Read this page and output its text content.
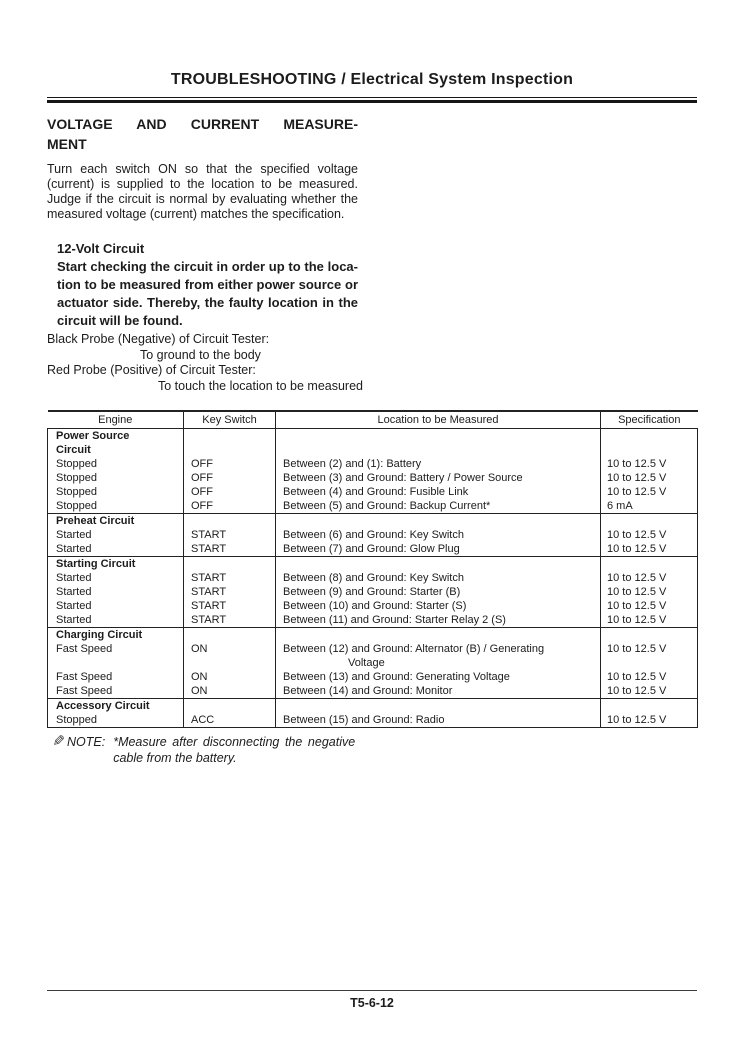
TROUBLESHOOTING / Electrical System Inspection
VOLTAGE AND CURRENT MEASURE-
MENT
Turn each switch ON so that the specified voltage
(current) is supplied to the location to be measured.
Judge if the circuit is normal by evaluating whether the
measured voltage (current) matches the specification.
12-Volt Circuit
Start checking the circuit in order up to the loca-
tion to be measured from either power source or
actuator side. Thereby, the faulty location in the
circuit will be found.
Black Probe (Negative) of Circuit Tester:
To ground to the body
Red Probe (Positive) of Circuit Tester:
To touch the location to be measured
Engine	Key Switch	Location to be Measured	Specification
Power Source Circuit			
Stopped	OFF	Between (2) and (1): Battery	10 to 12.5 V
Stopped	OFF	Between (3) and Ground: Battery / Power Source	10 to 12.5 V
Stopped	OFF	Between (4) and Ground: Fusible Link	10 to 12.5 V
Stopped	OFF	Between (5) and Ground: Backup Current*	6 mA
Preheat Circuit			
Started	START	Between (6) and Ground: Key Switch	10 to 12.5 V
Started	START	Between (7) and Ground: Glow Plug	10 to 12.5 V
Starting Circuit			
Started	START	Between (8) and Ground: Key Switch	10 to 12.5 V
Started	START	Between (9) and Ground: Starter (B)	10 to 12.5 V
Started	START	Between (10) and Ground: Starter (S)	10 to 12.5 V
Started	START	Between (11) and Ground: Starter Relay 2 (S)	10 to 12.5 V
Charging Circuit			
Fast Speed	ON	Between (12) and Ground: Alternator (B) / Generating Voltage	10 to 12.5 V
Fast Speed	ON	Between (13) and Ground: Generating Voltage	10 to 12.5 V
Fast Speed	ON	Between (14) and Ground: Monitor	10 to 12.5 V
Accessory Circuit			
Stopped	ACC	Between (15) and Ground: Radio	10 to 12.5 V
✎ NOTE: *Measure after disconnecting the negative cable from the battery.
T5-6-12
